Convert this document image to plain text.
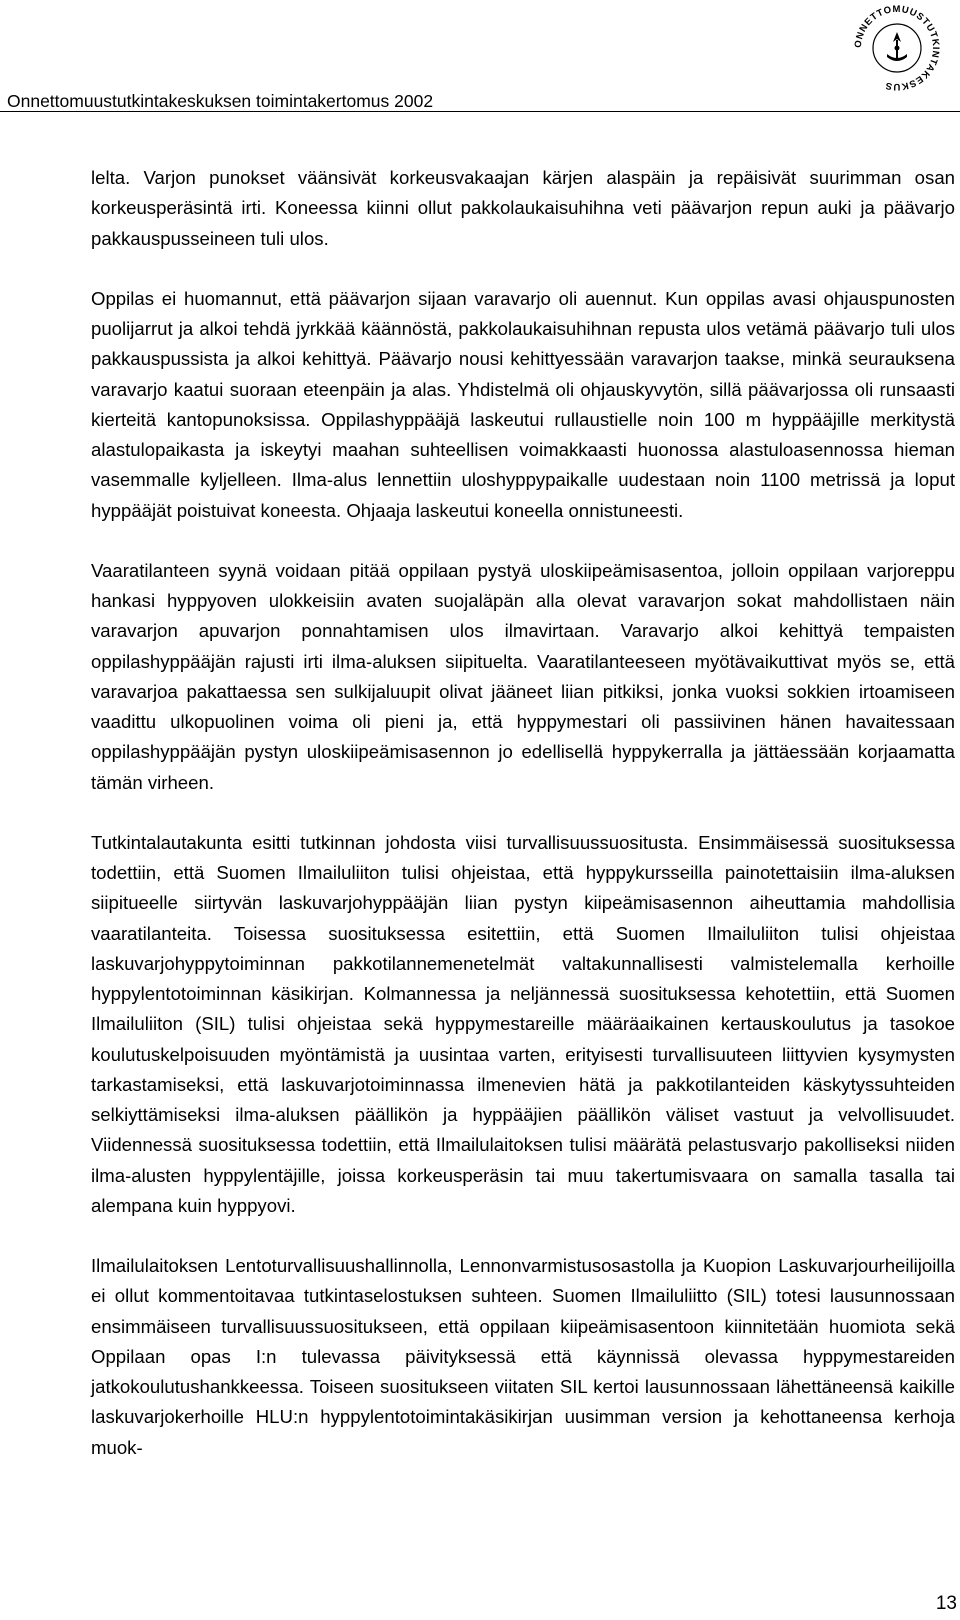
Onnettomuustutkintakeskuksen toimintakertomus 2002
ONNETTOMUUSTUTKINTAKESKUS

lelta. Varjon punokset väänsivät korkeusvakaajan kärjen alaspäin ja repäisivät suurimman osan korkeusperäsintä irti. Koneessa kiinni ollut pakkolaukaisuhihna veti päävarjon repun auki ja päävarjo pakkauspusseineen tuli ulos.

Oppilas ei huomannut, että päävarjon sijaan varavarjo oli auennut. Kun oppilas avasi ohjauspunosten puolijarrut ja alkoi tehdä jyrkkää käännöstä, pakkolaukaisuhihnan repusta ulos vetämä päävarjo tuli ulos pakkauspussista ja alkoi kehittyä. Päävarjo nousi kehittyessään varavarjon taakse, minkä seurauksena varavarjo kaatui suoraan eteenpäin ja alas. Yhdistelmä oli ohjauskyvytön, sillä päävarjossa oli runsaasti kierteitä kantopunoksissa. Oppilashyppääjä laskeutui rullaustielle noin 100 m hyppääjille merkitystä alastulopaikasta ja iskeytyi maahan suhteellisen voimakkaasti huonossa alastuloasennossa hieman vasemmalle kyljelleen. Ilma-alus lennettiin uloshyppypaikalle uudestaan noin 1100 metrissä ja loput hyppääjät poistuivat koneesta. Ohjaaja laskeutui koneella onnistuneesti.

Vaaratilanteen syynä voidaan pitää oppilaan pystyä uloskiipeämisasentoa, jolloin oppilaan varjoreppu hankasi hyppyoven ulokkeisiin avaten suojaläpän alla olevat varavarjon sokat mahdollistaen näin varavarjon apuvarjon ponnahtamisen ulos ilmavirtaan. Varavarjo alkoi kehittyä tempaisten oppilashyppääjän rajusti irti ilma-aluksen siipituelta. Vaaratilanteeseen myötävaikuttivat myös se, että varavarjoa pakattaessa sen sulkijaluupit olivat jääneet liian pitkiksi, jonka vuoksi sokkien irtoamiseen vaadittu ulkopuolinen voima oli pieni ja, että hyppymestari oli passiivinen hänen havaitessaan oppilashyppääjän pystyn uloskiipeämisasennon jo edellisellä hyppykerralla ja jättäessään korjaamatta tämän virheen.

Tutkintalautakunta esitti tutkinnan johdosta viisi turvallisuussuositusta. Ensimmäisessä suosituksessa todettiin, että Suomen Ilmailuliiton tulisi ohjeistaa, että hyppykursseilla painotettaisiin ilma-aluksen siipitueelle siirtyvän laskuvarjohyppääjän liian pystyn kiipeämisasennon aiheuttamia mahdollisia vaaratilanteita. Toisessa suosituksessa esitettiin, että Suomen Ilmailuliiton tulisi ohjeistaa laskuvarjohyppytoiminnan pakkotilannemenetelmät valtakunnallisesti valmistelemalla kerhoille hyppylentotoiminnan käsikirjan. Kolmannessa ja neljännessä suosituksessa kehotettiin, että Suomen Ilmailuliiton (SIL) tulisi ohjeistaa sekä hyppymestareille määräaikainen kertauskoulutus ja tasokoe koulutuskelpoisuuden myöntämistä ja uusintaa varten, erityisesti turvallisuuteen liittyvien kysymysten tarkastamiseksi, että laskuvarjotoiminnassa ilmenevien hätä ja pakkotilanteiden käskytyssuhteiden selkiyttämiseksi ilma-aluksen päällikön ja hyppääjien päällikön väliset vastuut ja velvollisuudet. Viidennessä suosituksessa todettiin, että Ilmailulaitoksen tulisi määrätä pelastusvarjo pakolliseksi niiden ilma-alusten hyppylentäjille, joissa korkeusperäsin tai muu takertumisvaara on samalla tasalla tai alempana kuin hyppyovi.

Ilmailulaitoksen Lentoturvallisuushallinnolla, Lennonvarmistusosastolla ja Kuopion Laskuvarjourheilijoilla ei ollut kommentoitavaa tutkintaselostuksen suhteen. Suomen Ilmailuliitto (SIL) totesi lausunnossaan ensimmäiseen turvallisuussuositukseen, että oppilaan kiipeämisasentoon kiinnitetään huomiota sekä Oppilaan opas I:n tulevassa päivityksessä että käynnissä olevassa hyppymestareiden jatkokoulutushankkeessa. Toiseen suositukseen viitaten SIL kertoi lausunnossaan lähettäneensä kaikille laskuvarjokerhoille HLU:n hyppylentotoimintakäsikirjan uusimman version ja kehottaneensa kerhoja muok-

13
